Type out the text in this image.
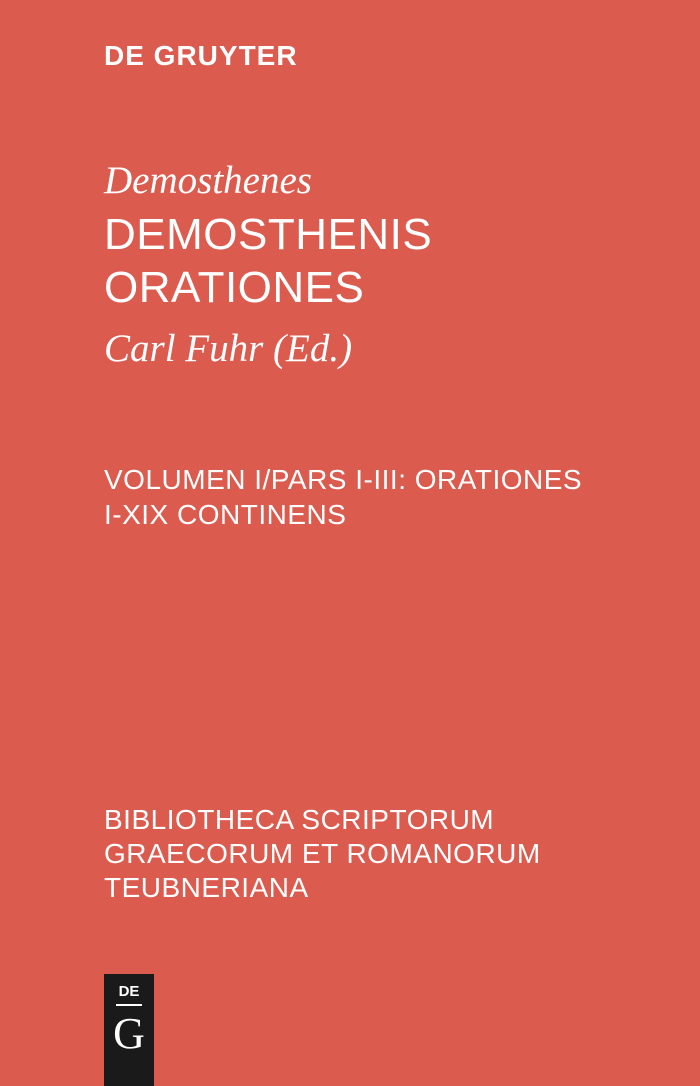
DE GRUYTER
Demosthenes
DEMOSTHENIS
ORATIONES
Carl Fuhr (Ed.)
VOLUMEN I/PARS I-III: ORATIONES
I-XIX CONTINENS
BIBLIOTHECA SCRIPTORUM
GRAECORUM ET ROMANORUM
TEUBNERIANA
DE
G
